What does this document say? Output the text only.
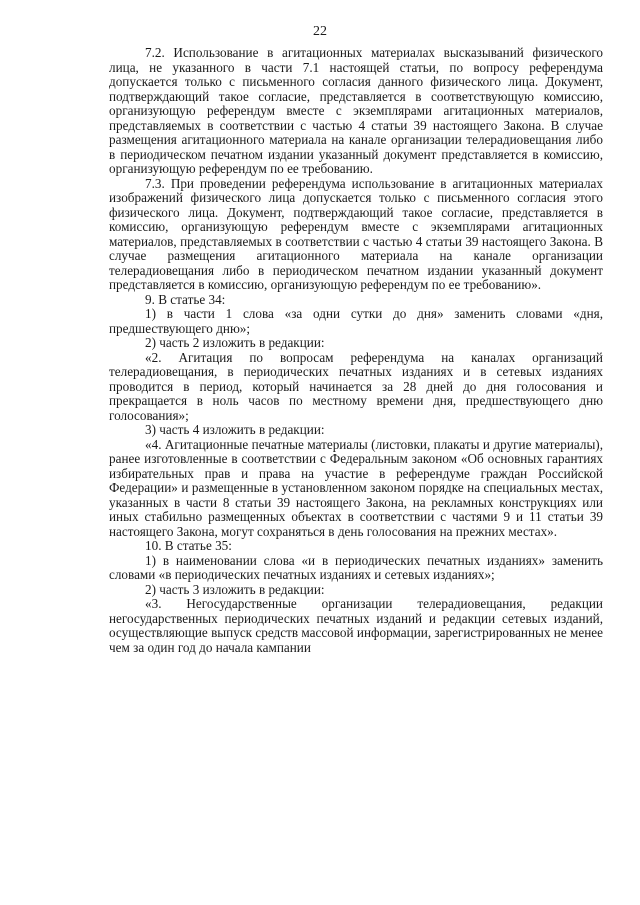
22

7.2. Использование в агитационных материалах высказываний физического лица, не указанного в части 7.1 настоящей статьи, по вопросу референдума допускается только с письменного согласия данного физического лица. Документ, подтверждающий такое согласие, представляется в соответствующую комиссию, организующую референдум вместе с экземплярами агитационных материалов, представляемых в соответствии с частью 4 статьи 39 настоящего Закона. В случае размещения агитационного материала на канале организации телерадиовещания либо в периодическом печатном издании указанный документ представляется в комиссию, организующую референдум по ее требованию.

7.3. При проведении референдума использование в агитационных материалах изображений физического лица допускается только с письменного согласия этого физического лица. Документ, подтверждающий такое согласие, представляется в комиссию, организующую референдум вместе с экземплярами агитационных материалов, представляемых в соответствии с частью 4 статьи 39 настоящего Закона. В случае размещения агитационного материала на канале организации телерадиовещания либо в периодическом печатном издании указанный документ представляется в комиссию, организующую референдум по ее требованию».

9. В статье 34:

1) в части 1 слова «за одни сутки до дня» заменить словами «дня, предшествующего дню»;

2) часть 2 изложить в редакции:

«2. Агитация по вопросам референдума на каналах организаций телерадиовещания, в периодических печатных изданиях и в сетевых изданиях проводится в период, который начинается за 28 дней до дня голосования и прекращается в ноль часов по местному времени дня, предшествующего дню голосования»;

3) часть 4 изложить в редакции:

«4. Агитационные печатные материалы (листовки, плакаты и другие материалы), ранее изготовленные в соответствии с Федеральным законом «Об основных гарантиях избирательных прав и права на участие в референдуме граждан Российской Федерации» и размещенные в установленном законом порядке на специальных местах, указанных в части 8 статьи 39 настоящего Закона, на рекламных конструкциях или иных стабильно размещенных объектах в соответствии с частями 9 и 11 статьи 39 настоящего Закона, могут сохраняться в день голосования на прежних местах».

10. В статье 35:

1) в наименовании слова «и в периодических печатных изданиях» заменить словами «в периодических печатных изданиях и сетевых изданиях»;

2) часть 3 изложить в редакции:

«3. Негосударственные организации телерадиовещания, редакции негосударственных периодических печатных изданий и редакции сетевых изданий, осуществляющие выпуск средств массовой информации, зарегистрированных не менее чем за один год до начала кампании
